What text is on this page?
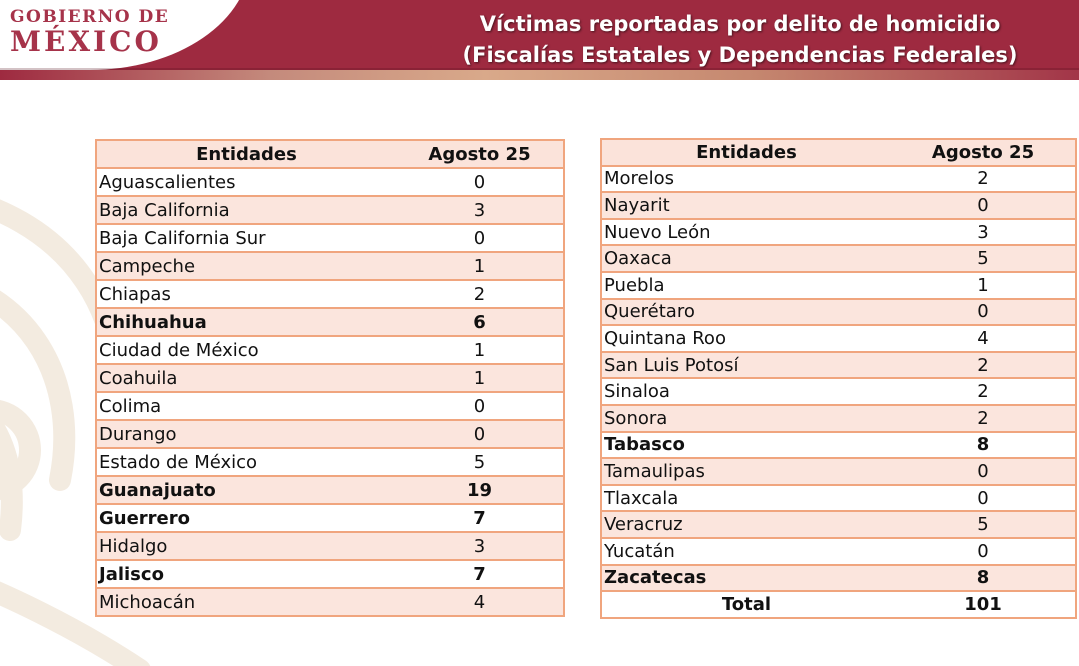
GOBIERNO DE
MÉXICO
Víctimas reportadas por delito de homicidio
(Fiscalías Estatales y Dependencias Federales)
Entidades	Agosto 25
Aguascalientes	0
Baja California	3
Baja California Sur	0
Campeche	1
Chiapas	2
Chihuahua	6
Ciudad de México	1
Coahuila	1
Colima	0
Durango	0
Estado de México	5
Guanajuato	19
Guerrero	7
Hidalgo	3
Jalisco	7
Michoacán	4
Entidades	Agosto 25
Morelos	2
Nayarit	0
Nuevo León	3
Oaxaca	5
Puebla	1
Querétaro	0
Quintana Roo	4
San Luis Potosí	2
Sinaloa	2
Sonora	2
Tabasco	8
Tamaulipas	0
Tlaxcala	0
Veracruz	5
Yucatán	0
Zacatecas	8
Total	101
